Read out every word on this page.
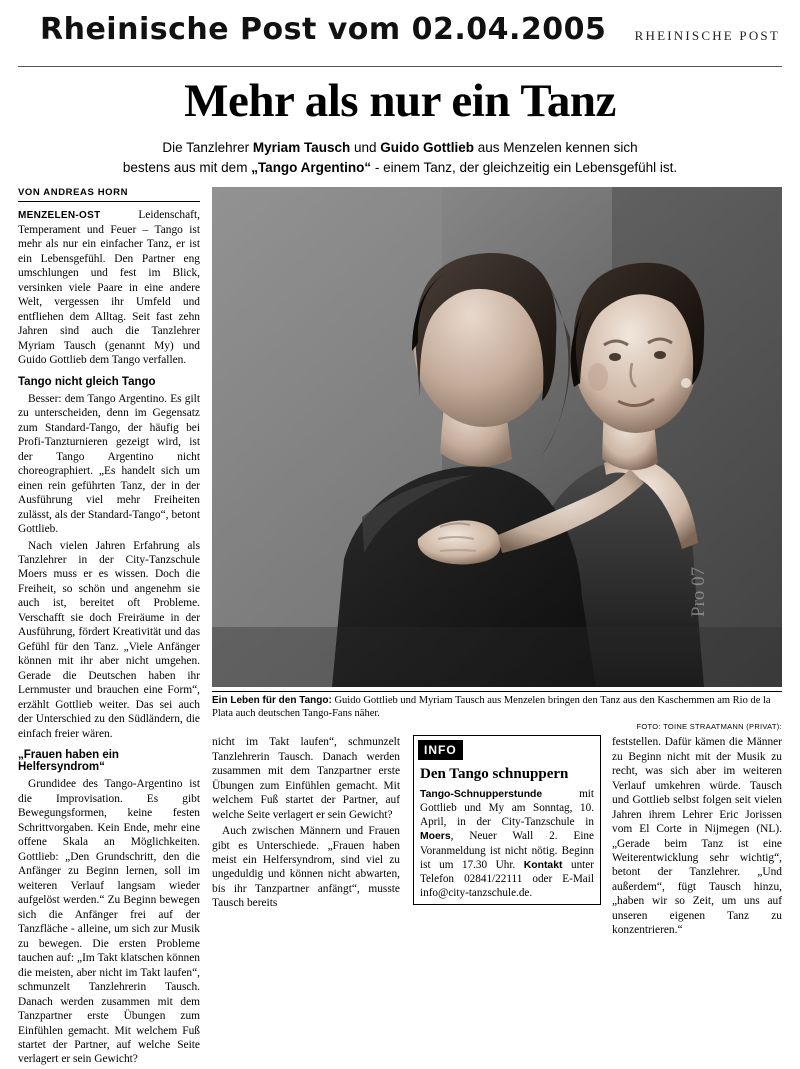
Rheinische Post vom 02.04.2005	RHEINISCHE POST
Mehr als nur ein Tanz
Die Tanzlehrer Myriam Tausch und Guido Gottlieb aus Menzelen kennen sich
bestens aus mit dem „Tango Argentino“ - einem Tanz, der gleichzeitig ein Lebensgefühl ist.
VON ANDREAS HORN

MENZELEN-OST Leidenschaft, Temperament und Feuer – Tango ist mehr als nur ein einfacher Tanz, er ist ein Lebensgefühl. Den Partner eng umschlungen und fest im Blick, versinken viele Paare in eine andere Welt, vergessen ihr Umfeld und entfliehen dem Alltag. Seit fast zehn Jahren sind auch die Tanzlehrer Myriam Tausch (genannt My) und Guido Gottlieb dem Tango verfallen.

Tango nicht gleich Tango

Besser: dem Tango Argentino. Es gilt zu unterscheiden, denn im Gegensatz zum Standard-Tango, der häufig bei Profi-Tanzturnieren gezeigt wird, ist der Tango Argentino nicht choreographiert. „Es handelt sich um einen rein geführten Tanz, der in der Ausführung viel mehr Freiheiten zulässt, als der Standard-Tango“, betont Gottlieb.

Nach vielen Jahren Erfahrung als Tanzlehrer in der City-Tanzschule Moers muss er es wissen. Doch die Freiheit, so schön und angenehm sie auch ist, bereitet oft Probleme. Verschafft sie doch Freiräume in der Ausführung, fördert Kreativität und das Gefühl für den Tanz. „Viele Anfänger können mit ihr aber nicht umgehen. Gerade die Deutschen haben ihr Lernmuster und brauchen eine Form“, erzählt Gottlieb weiter. Das sei auch der Unterschied zu den Südländern, die einfach freier wären.

„Frauen haben ein Helfersyndrom“

Grundidee des Tango-Argentino ist die Improvisation. Es gibt Bewegungsformen, keine festen Schrittvorgaben. Kein Ende, mehr eine offene Skala an Möglichkeiten. Gottlieb: „Den Grundschritt, den die Anfänger zu Beginn lernen, soll im weiteren Verlauf langsam wieder aufgelöst werden.“ Zu Beginn bewegen sich die Anfänger frei auf der Tanzfläche - alleine, um sich zur Musik zu bewegen. Die ersten Probleme tauchen auf: „Im Takt klatschen können die meisten, aber nicht im Takt laufen“, schmunzelt Tanzlehrerin Tausch. Danach werden zusammen mit dem Tanzpartner erste Übungen zum Einfühlen gemacht. Mit welchem Fuß startet der Partner, auf welche Seite verlagert er sein Gewicht?

Pro 07
Ein Leben für den Tango: Guido Gottlieb und Myriam Tausch aus Menzelen bringen den Tanz aus den Kaschemmen am Rio de la Plata auch deutschen Tango-Fans näher.
FOTO: TOINE STRAATMANN (PRIVAT):

nicht im Takt laufen“, schmunzelt Tanzlehrerin Tausch. Danach werden zusammen mit dem Tanzpartner erste Übungen zum Einfühlen gemacht. Mit welchem Fuß startet der Partner, auf welche Seite verlagert er sein Gewicht?

Auch zwischen Männern und Frauen gibt es Unterschiede. „Frauen haben meist ein Helfersyndrom, sind viel zu ungeduldig und können nicht abwarten, bis ihr Tanzpartner anfängt“, musste Tausch bereits

INFO
Den Tango schnuppern

Tango-Schnupperstunde mit Gottlieb und My am Sonntag, 10. April, in der City-Tanzschule in Moers, Neuer Wall 2. Eine Voranmeldung ist nicht nötig. Beginn ist um 17.30 Uhr. Kontakt unter Telefon 02841/22111 oder E-Mail info@city-tanzschule.de.

feststellen. Dafür kämen die Männer zu Beginn nicht mit der Musik zu recht, was sich aber im weiteren Verlauf umkehren würde. Tausch und Gottlieb selbst folgen seit vielen Jahren ihrem Lehrer Eric Jorissen vom El Corte in Nijmegen (NL). „Gerade beim Tanz ist eine Weiterentwicklung sehr wichtig“, betont der Tanzlehrer. „Und außerdem“, fügt Tausch hinzu, „haben wir so Zeit, um uns auf unseren eigenen Tanz zu konzentrieren.“
